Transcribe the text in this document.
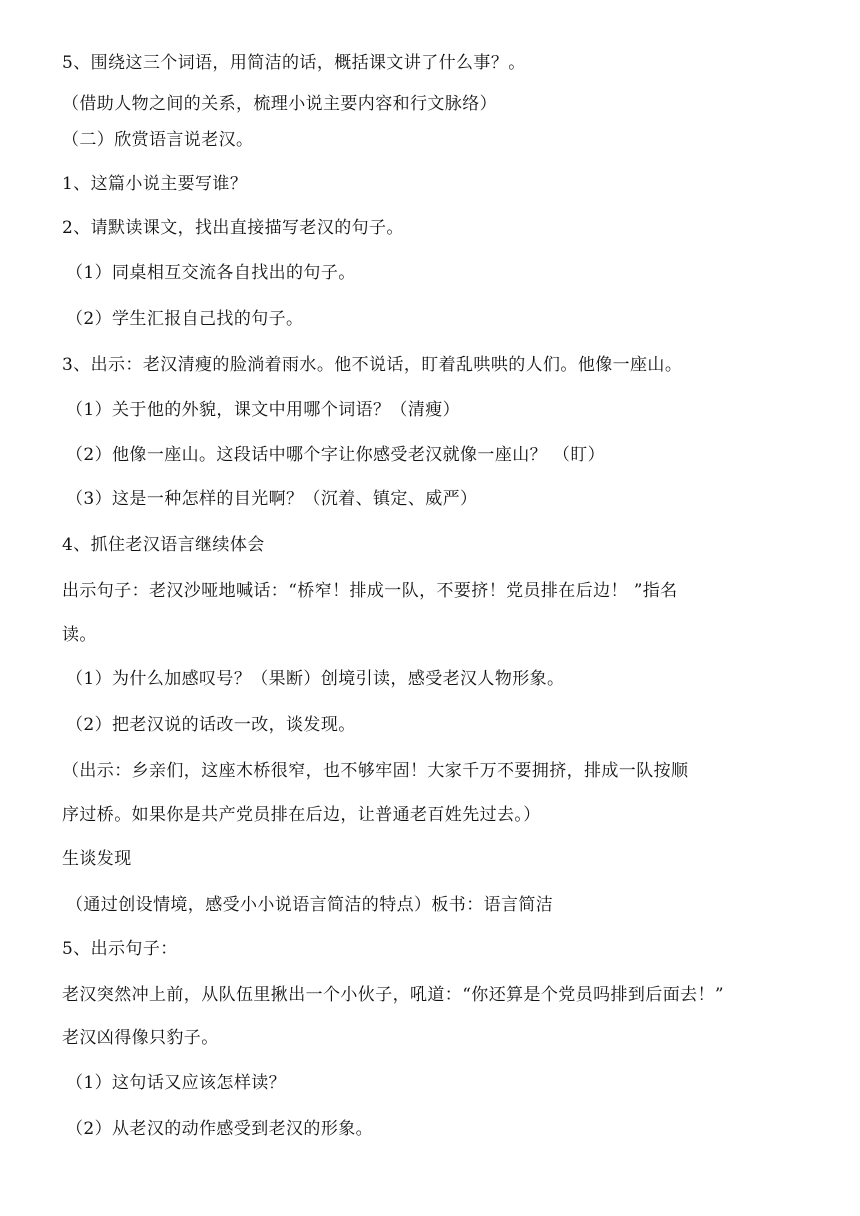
5、围绕这三个词语，用简洁的话，概括课文讲了什么事？。
（借助人物之间的关系，梳理小说主要内容和行文脉络）
（二）欣赏语言说老汉。
1、这篇小说主要写谁？
2、请默读课文，找出直接描写老汉的句子。
（1）同桌相互交流各自找出的句子。
（2）学生汇报自己找的句子。
3、出示：老汉清瘦的脸淌着雨水。他不说话，盯着乱哄哄的人们。他像一座山。
（1）关于他的外貌，课文中用哪个词语？（清瘦）
（2）他像一座山。这段话中哪个字让你感受老汉就像一座山？ （盯）
（3）这是一种怎样的目光啊？（沉着、镇定、威严）
4、抓住老汉语言继续体会
出示句子：老汉沙哑地喊话：“桥窄！排成一队，不要挤！党员排在后边！ ”指名
读。
（1）为什么加感叹号？（果断）创境引读，感受老汉人物形象。
（2）把老汉说的话改一改，谈发现。
（出示：乡亲们，这座木桥很窄，也不够牢固！大家千万不要拥挤，排成一队按顺
序过桥。如果你是共产党员排在后边，让普通老百姓先过去。）
生谈发现
（通过创设情境，感受小小说语言简洁的特点）板书：语言简洁
5、出示句子：
老汉突然冲上前，从队伍里揪出一个小伙子，吼道：“你还算是个党员吗排到后面去！”
老汉凶得像只豹子。
（1）这句话又应该怎样读？
（2）从老汉的动作感受到老汉的形象。
